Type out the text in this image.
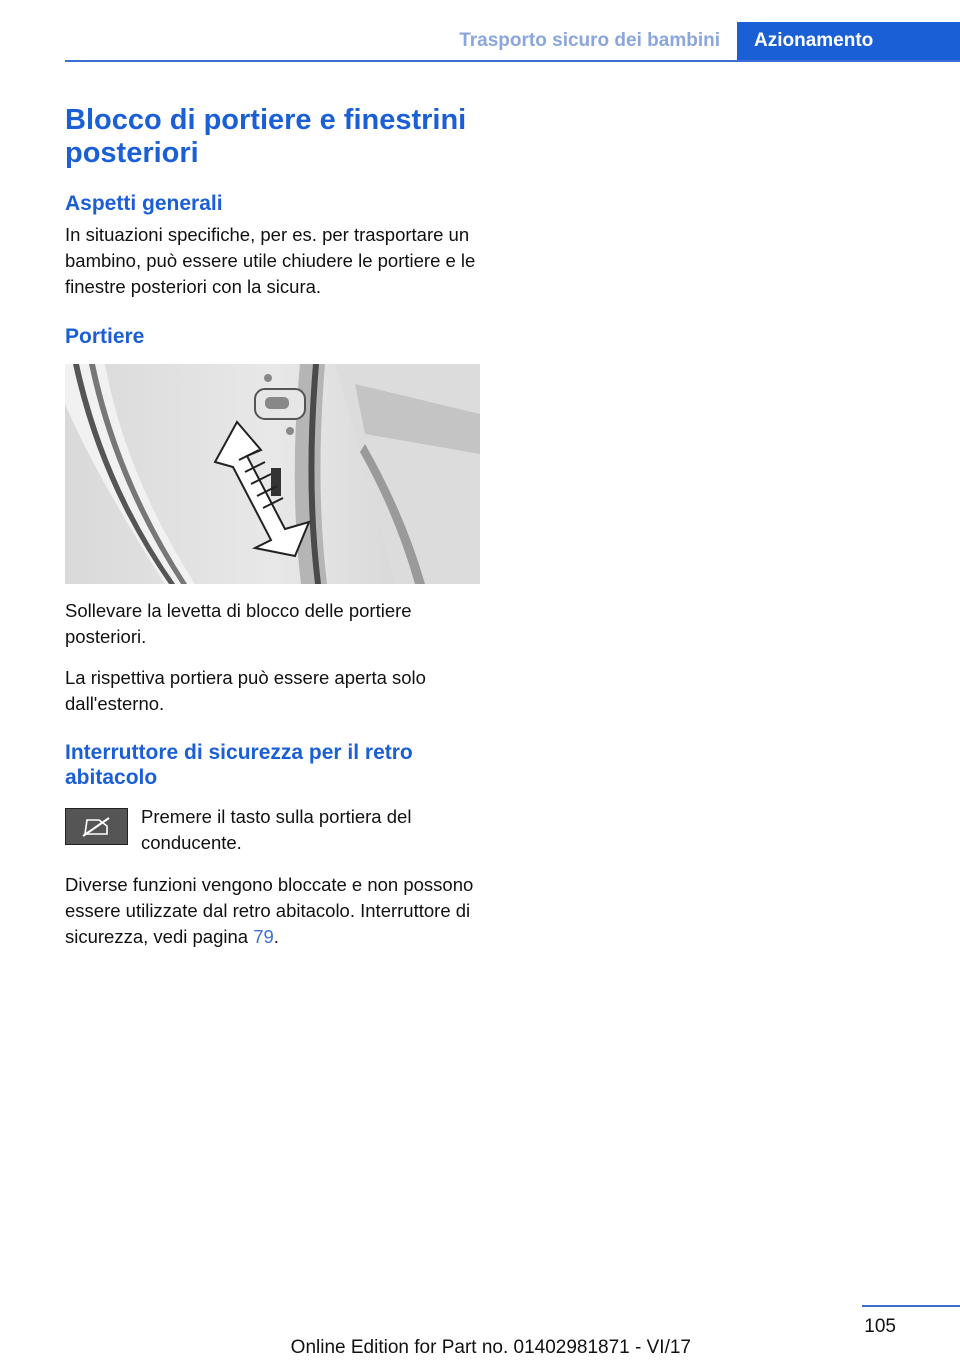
Trasporto sicuro dei bambini	Azionamento
Blocco di portiere e finestrini posteriori
Aspetti generali
In situazioni specifiche, per es. per trasportare un bambino, può essere utile chiudere le portiere e le finestre posteriori con la sicura.
Portiere
Sollevare la levetta di blocco delle portiere posteriori.
La rispettiva portiera può essere aperta solo dall'esterno.
Interruttore di sicurezza per il retro abitacolo
Premere il tasto sulla portiera del conducente.
Diverse funzioni vengono bloccate e non possono essere utilizzate dal retro abitacolo. Interruttore di sicurezza, vedi pagina 79.
105
Online Edition for Part no. 01402981871 - VI/17
